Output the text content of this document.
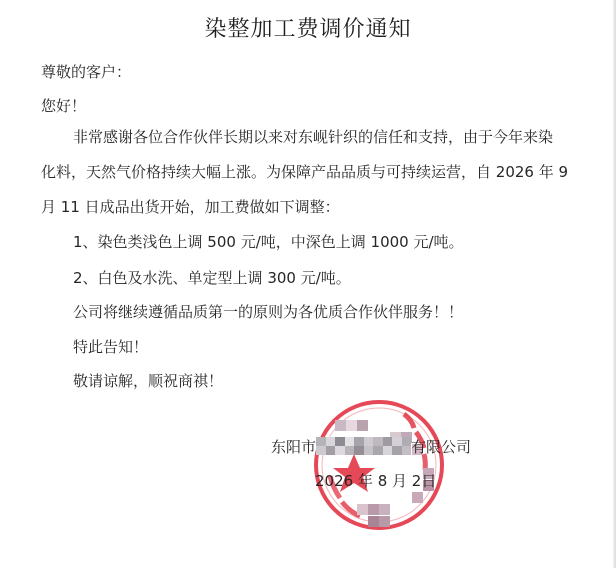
染整加工费调价通知
尊敬的客户：
您好！
非常感谢各位合作伙伴长期以来对东岘针织的信任和支持，由于今年来染
化料，天然气价格持续大幅上涨。为保障产品品质与可持续运营，自 2026 年 9
月 11 日成品出货开始，加工费做如下调整：
1、染色类浅色上调 500 元/吨，中深色上调 1000 元/吨。
2、白色及水洗、单定型上调 300 元/吨。
公司将继续遵循品质第一的原则为各优质合作伙伴服务！！
特此告知！
敬请谅解，顺祝商祺！
东阳市	有限公司
2026 年 8 月 2日
